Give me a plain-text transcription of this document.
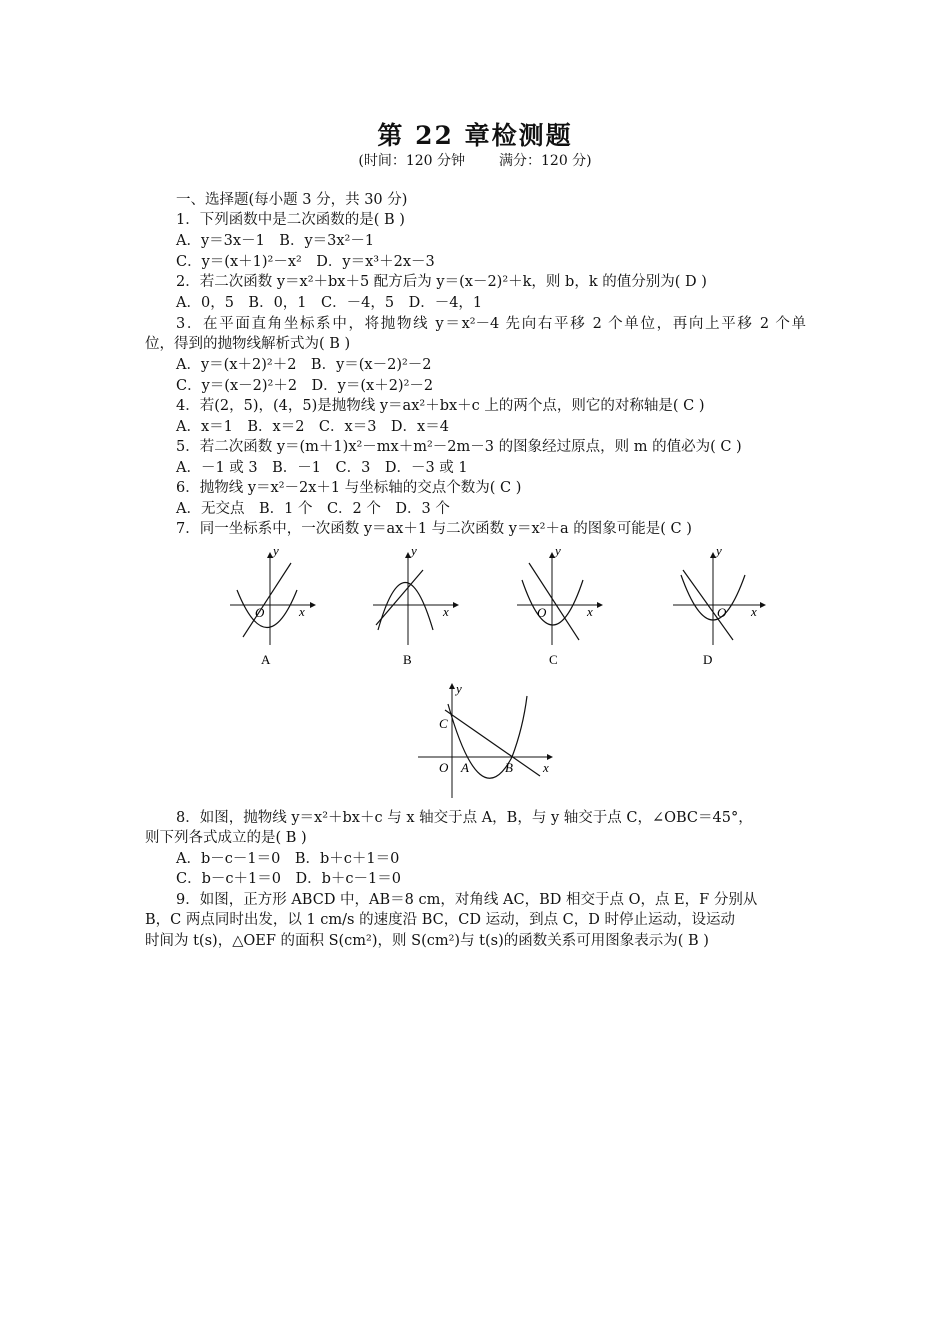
第 22 章检测题
(时间：120 分钟 满分：120 分)
一、选择题(每小题 3 分，共 30 分)
1．下列函数中是二次函数的是( B )
A．y＝3x－1　B．y＝3x²－1
C．y＝(x＋1)²－x²　D．y＝x³＋2x－3
2．若二次函数 y＝x²＋bx＋5 配方后为 y＝(x－2)²＋k，则 b，k 的值分别为( D )
A．0，5　B．0，1　C．－4，5　D．－4，1
3．在平面直角坐标系中，将抛物线 y＝x²－4 先向右平移 2 个单位，再向上平移 2 个单
位，得到的抛物线解析式为( B )
A．y＝(x＋2)²＋2　B．y＝(x－2)²－2
C．y＝(x－2)²＋2　D．y＝(x＋2)²－2
4．若(2，5)，(4，5)是抛物线 y＝ax²＋bx＋c 上的两个点，则它的对称轴是( C )
A．x＝1　B．x＝2　C．x＝3　D．x＝4
5．若二次函数 y＝(m＋1)x²－mx＋m²－2m－3 的图象经过原点，则 m 的值必为( C )
A．－1 或 3　B．－1　C．3　D．－3 或 1
6．抛物线 y＝x²－2x＋1 与坐标轴的交点个数为( C )
A．无交点　B．1 个　C．2 个　D．3 个
7．同一坐标系中，一次函数 y＝ax＋1 与二次函数 y＝x²＋a 的图象可能是( C )
y
x
O
A
y
x
B
y
x
O
C
y
x
O
D
y
x
O A	B
C
8．如图，抛物线 y＝x²＋bx＋c 与 x 轴交于点 A，B，与 y 轴交于点 C，∠OBC＝45°，
则下列各式成立的是( B )
A．b－c－1＝0　B．b＋c＋1＝0
C．b－c＋1＝0　D．b＋c－1＝0
9．如图，正方形 ABCD 中，AB＝8 cm，对角线 AC，BD 相交于点 O，点 E，F 分别从
B，C 两点同时出发，以 1 cm/s 的速度沿 BC，CD 运动，到点 C，D 时停止运动，设运动
时间为 t(s)，△OEF 的面积 S(cm²)，则 S(cm²)与 t(s)的函数关系可用图象表示为( B )
